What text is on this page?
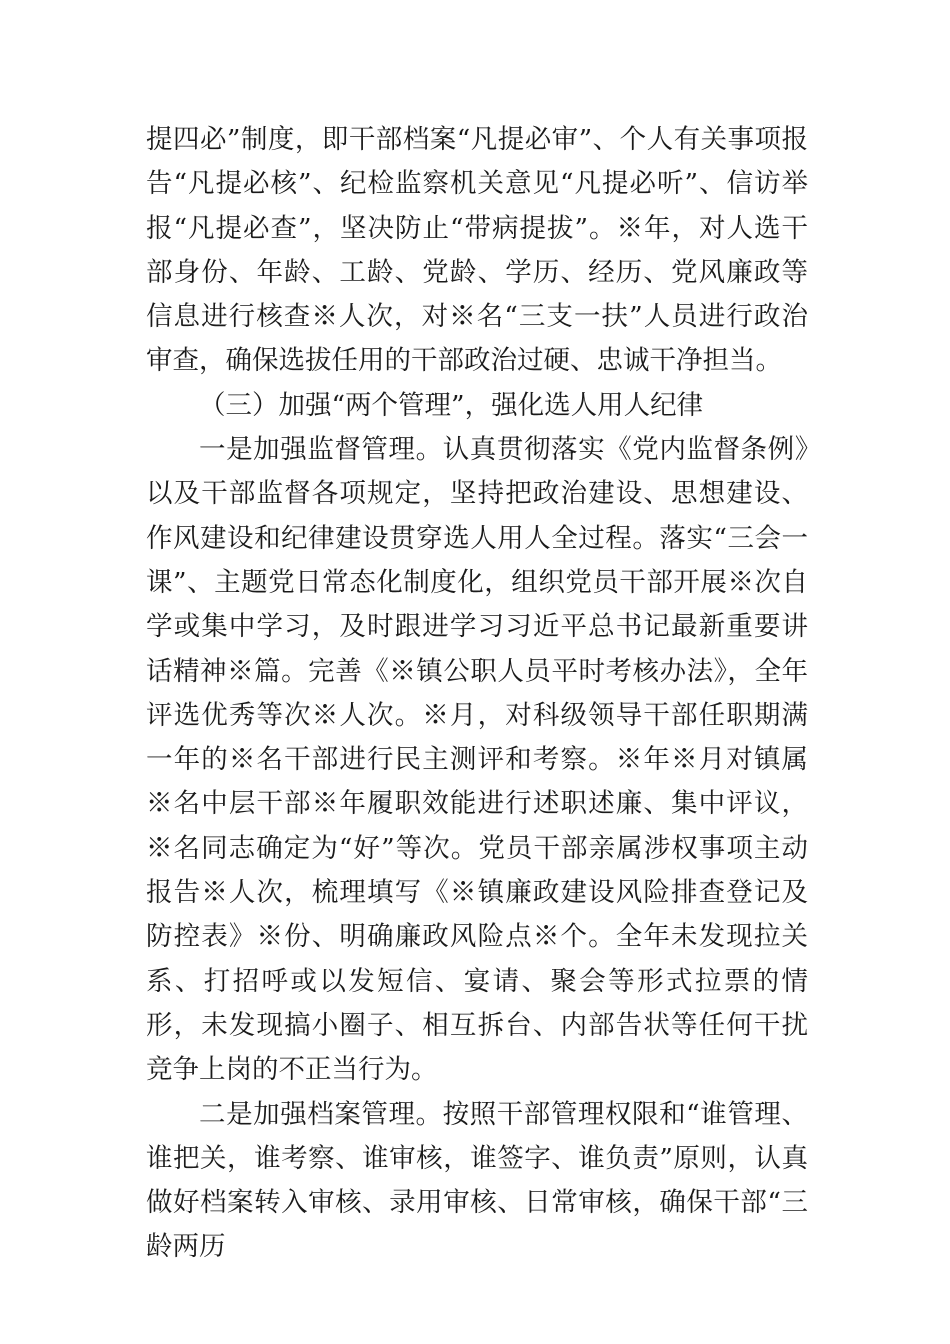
提四必”制度，即干部档案“凡提必审”、个人有关事项报告“凡提必核”、纪检监察机关意见“凡提必听”、信访举报“凡提必查”，坚决防止“带病提拔”。※年，对人选干部身份、年龄、工龄、党龄、学历、经历、党风廉政等信息进行核查※人次，对※名“三支一扶”人员进行政治审查，确保选拔任用的干部政治过硬、忠诚干净担当。

（三）加强“两个管理”，强化选人用人纪律

一是加强监督管理。认真贯彻落实《党内监督条例》以及干部监督各项规定，坚持把政治建设、思想建设、作风建设和纪律建设贯穿选人用人全过程。落实“三会一课”、主题党日常态化制度化，组织党员干部开展※次自学或集中学习，及时跟进学习习近平总书记最新重要讲话精神※篇。完善《※镇公职人员平时考核办法》，全年评选优秀等次※人次。※月，对科级领导干部任职期满一年的※名干部进行民主测评和考察。※年※月对镇属※名中层干部※年履职效能进行述职述廉、集中评议，※名同志确定为“好”等次。党员干部亲属涉权事项主动报告※人次，梳理填写《※镇廉政建设风险排查登记及防控表》※份、明确廉政风险点※个。全年未发现拉关系、打招呼或以发短信、宴请、聚会等形式拉票的情形，未发现搞小圈子、相互拆台、内部告状等任何干扰竞争上岗的不正当行为。

二是加强档案管理。按照干部管理权限和“谁管理、谁把关，谁考察、谁审核，谁签字、谁负责”原则，认真做好档案转入审核、录用审核、日常审核，确保干部“三龄两历
